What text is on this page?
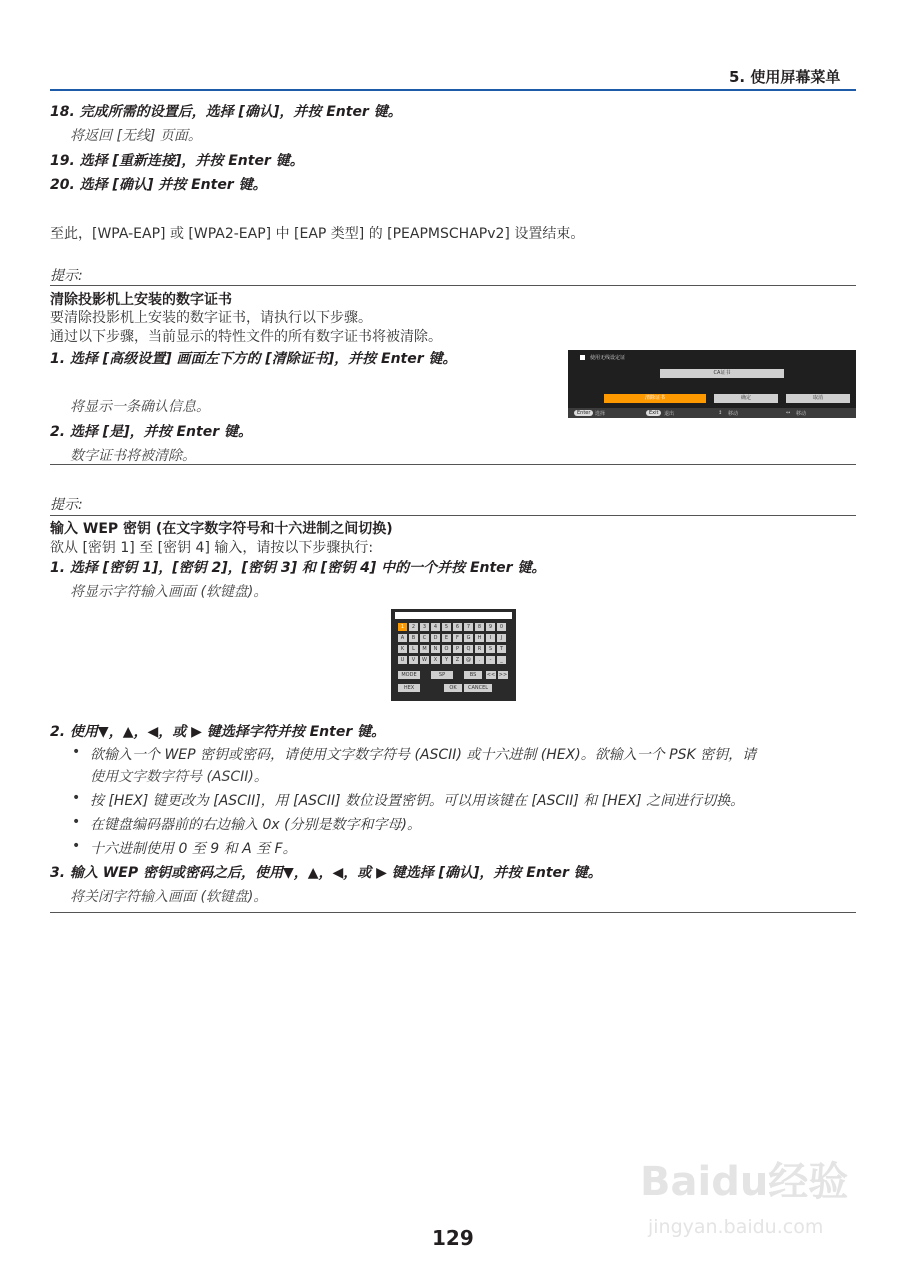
5. 使用屏幕菜单
18. 完成所需的设置后，选择 [确认]，并按 Enter 键。
将返回 [无线] 页面。
19. 选择 [重新连接]，并按 Enter 键。
20. 选择 [确认] 并按 Enter 键。
至此，[WPA-EAP] 或 [WPA2-EAP] 中 [EAP 类型] 的 [PEAPMSCHAPv2] 设置结束。
提示:
清除投影机上安装的数字证书
要清除投影机上安装的数字证书，请执行以下步骤。
通过以下步骤，当前显示的特性文件的所有数字证书将被清除。
1. 选择 [高级设置] 画面左下方的 [清除证书]，并按 Enter 键。
将显示一条确认信息。
2. 选择 [是]，并按 Enter 键。
数字证书将被清除。
使用无线设定证
CA证书
清除证书	确定	取消
Enter 选择	Exit	退出	↕ 移动	↔ 移动
提示:
输入 WEP 密钥 (在文字数字符号和十六进制之间切换)
欲从 [密钥 1] 至 [密钥 4] 输入，请按以下步骤执行:
1. 选择 [密钥 1]，[密钥 2]，[密钥 3] 和 [密钥 4] 中的一个并按 Enter 键。
将显示字符输入画面 (软键盘)。
1	2	3	4	5	6	7	8	9	0
A	B	C	D	E	F	G	H	I	J
K	L	M	N	O	P	Q	R	S	T
U	V	W	X	Y	Z	@	.	-	_
MODE	SP	BS	<< >>
HEX	OK	CANCEL
2. 使用▼，▲，◀，或 ▶ 键选择字符并按 Enter 键。
• 欲输入一个 WEP 密钥或密码，请使用文字数字符号 (ASCII) 或十六进制 (HEX)。欲输入一个 PSK 密钥，请
使用文字数字符号 (ASCII)。
• 按 [HEX] 键更改为 [ASCII]，用 [ASCII] 数位设置密钥。可以用该键在 [ASCII] 和 [HEX] 之间进行切换。
• 在键盘编码器前的右边输入 0x (分别是数字和字母)。
• 十六进制使用 0 至 9 和 A 至 F。
3. 输入 WEP 密钥或密码之后，使用▼，▲，◀，或 ▶ 键选择 [确认]，并按 Enter 键。
将关闭字符输入画面 (软键盘)。
Baidu经验
jingyan.baidu.com
129
